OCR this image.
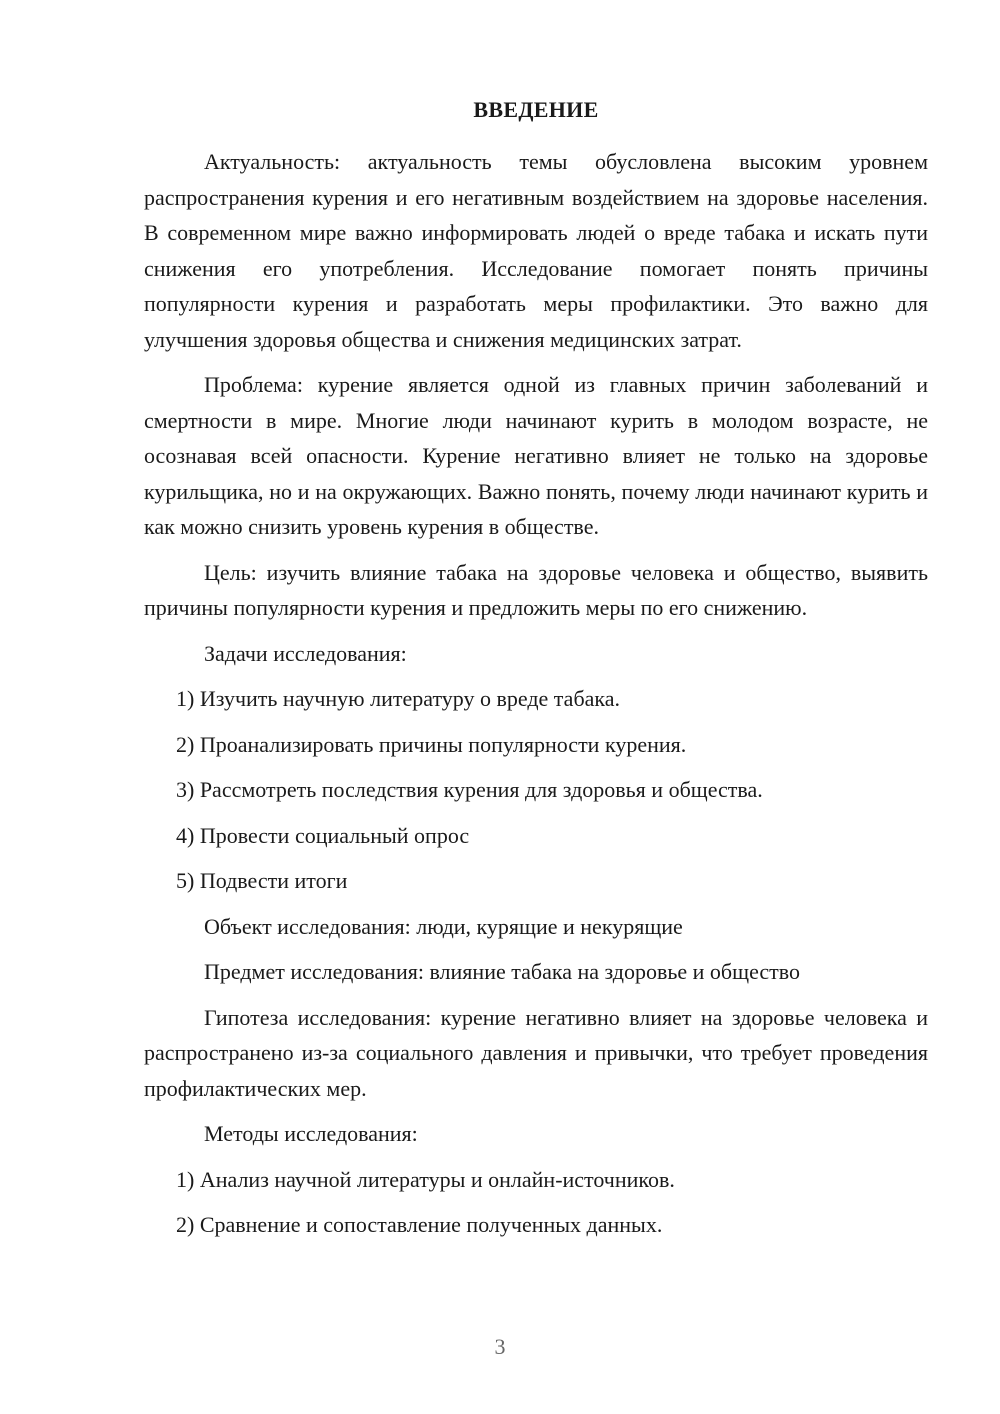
ВВЕДЕНИЕ

Актуальность: актуальность темы обусловлена высоким уровнем распространения курения и его негативным воздействием на здоровье населения. В современном мире важно информировать людей о вреде табака и искать пути снижения его употребления. Исследование помогает понять причины популярности курения и разработать меры профилактики. Это важно для улучшения здоровья общества и снижения медицинских затрат.

Проблема: курение является одной из главных причин заболеваний и смертности в мире. Многие люди начинают курить в молодом возрасте, не осознавая всей опасности. Курение негативно влияет не только на здоровье курильщика, но и на окружающих. Важно понять, почему люди начинают курить и как можно снизить уровень курения в обществе.

Цель: изучить влияние табака на здоровье человека и общество, выявить причины популярности курения и предложить меры по его снижению.

Задачи исследования:
1) Изучить научную литературу о вреде табака.
2) Проанализировать причины популярности курения.
3) Рассмотреть последствия курения для здоровья и общества.
4) Провести социальный опрос
5) Подвести итоги
Объект исследования: люди, курящие и некурящие
Предмет исследования: влияние табака на здоровье и общество

Гипотеза исследования: курение негативно влияет на здоровье человека и распространено из-за социального давления и привычки, что требует проведения профилактических мер.

Методы исследования:
1) Анализ научной литературы и онлайн-источников.
2) Сравнение и сопоставление полученных данных.
3
